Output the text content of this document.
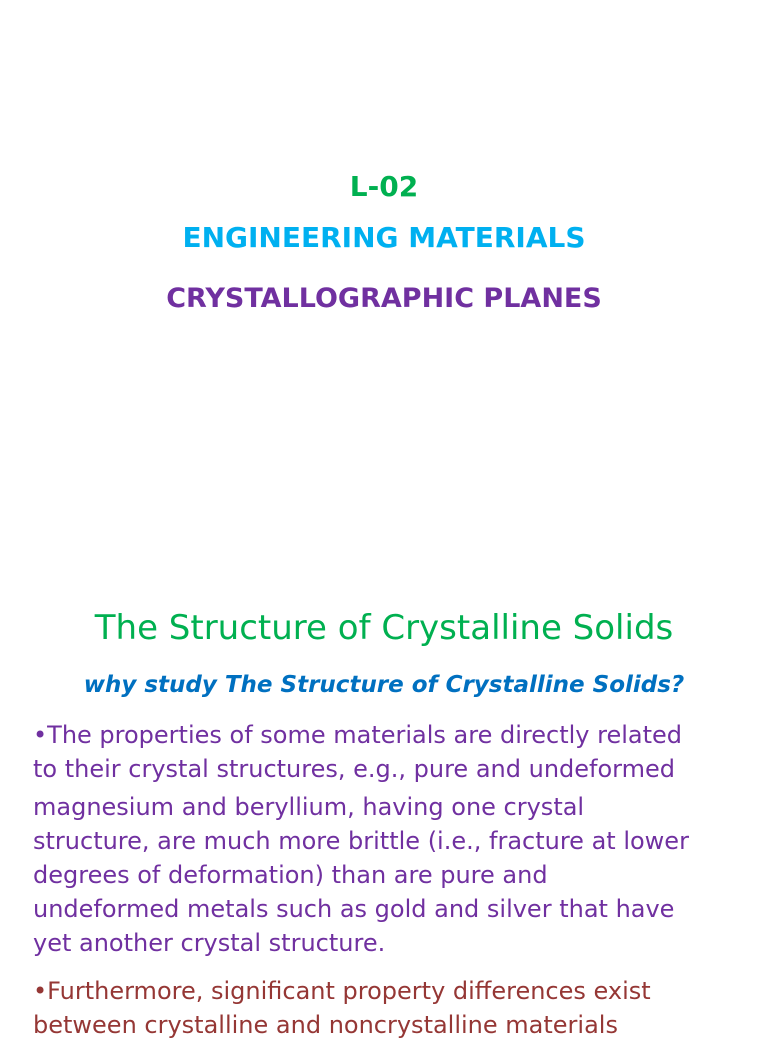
L-02
ENGINEERING MATERIALS
CRYSTALLOGRAPHIC PLANES
The Structure of Crystalline Solids
why study The Structure of Crystalline Solids?
•The properties of some materials are directly related
to their crystal structures, e.g., pure and undeformed
magnesium and beryllium, having one crystal
structure, are much more brittle (i.e., fracture at lower
degrees of deformation) than are pure and
undeformed metals such as gold and silver that have
yet another crystal structure.
•Furthermore, significant property differences exist
between crystalline and noncrystalline materials
